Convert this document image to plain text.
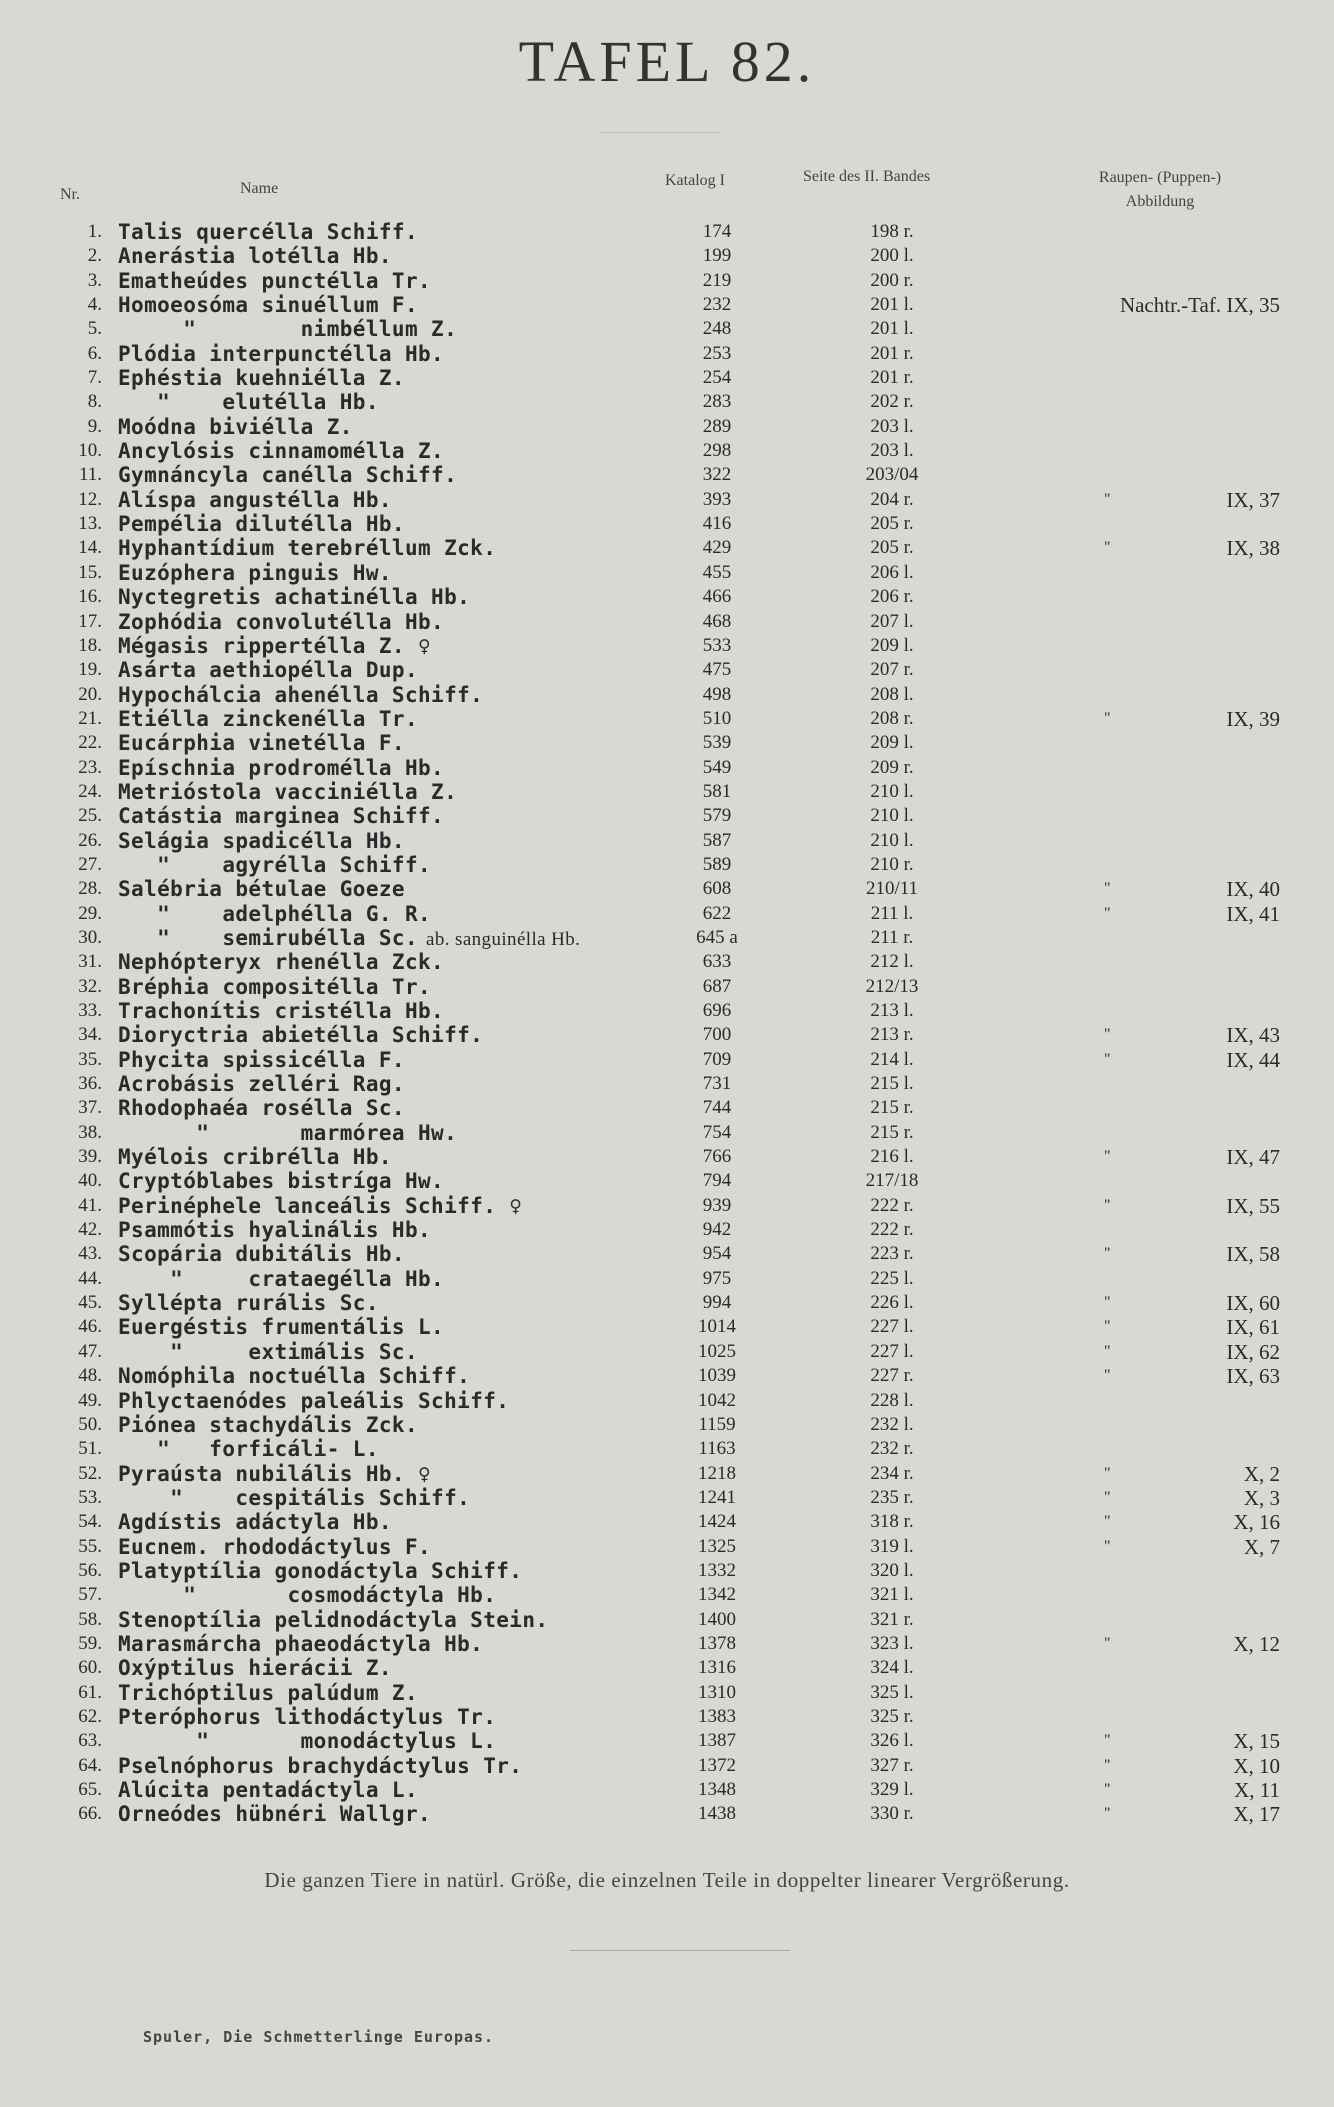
TAFEL 82.
Nr.	Name	Katalog I	Seite des II. Bandes	Raupen- (Puppen-)
Abbildung
1. Talis quercélla Schiff.	174	198 r.
2. Anerástia lotélla Hb.	199	200 l.
3. Ematheúdes punctélla Tr.	219	200 r.
4. Homoeosóma sinuéllum F.	232	201 l.	Nachtr.-Taf. IX, 35
5. "        nimbéllum Z.	248	201 l.
6. Plódia interpunctélla Hb.	253	201 r.
7. Ephéstia kuehniélla Z.	254	201 r.
8. "    elutélla Hb.	283	202 r.
9. Moódna biviélla Z.	289	203 l.
10. Ancylósis cinnamomélla Z.	298	203 l.
11. Gymnáncyla canélla Schiff.	322	203/04
12. Alíspa angustélla Hb.	393	204 r.	"	IX, 37
13. Pempélia dilutélla Hb.	416	205 r.
14. Hyphantídium terebréllum Zck.	429	205 r.	"	IX, 38
15. Euzóphera pinguis Hw.	455	206 l.
16. Nyctegretis achatinélla Hb.	466	206 r.
17. Zophódia convolutélla Hb.	468	207 l.
18. Mégasis rippertélla Z. ♀	533	209 l.
19. Asárta aethiopélla Dup.	475	207 r.
20. Hypochálcia ahenélla Schiff.	498	208 l.
21. Etiélla zinckenélla Tr.	510	208 r.	"	IX, 39
22. Eucárphia vinetélla F.	539	209 l.
23. Epíschnia prodromélla Hb.	549	209 r.
24. Metrióstola vacciniélla Z.	581	210 l.
25. Catástia marginea Schiff.	579	210 l.
26. Selágia spadicélla Hb.	587	210 l.
27. "    agyrélla Schiff.	589	210 r.
28. Salébria bétulae Goeze	608	210/11	"	IX, 40
29. "    adelphélla G. R.	622	211 l.	"	IX, 41
30. "    semirubélla Sc. ab. sanguinélla Hb.	645 a	211 r.
31. Nephópteryx rhenélla Zck.	633	212 l.
32. Bréphia compositélla Tr.	687	212/13
33. Trachonítis cristélla Hb.	696	213 l.
34. Dioryctria abietélla Schiff.	700	213 r.	"	IX, 43
35. Phycita spissicélla F.	709	214 l.	"	IX, 44
36. Acrobásis zelléri Rag.	731	215 l.
37. Rhodophaéa rosélla Sc.	744	215 r.
38. "       marmórea Hw.	754	215 r.
39. Myélois cribrélla Hb.	766	216 l.	"	IX, 47
40. Cryptóblabes bistríga Hw.	794	217/18
41. Perinéphele lanceális Schiff. ♀	939	222 r.	"	IX, 55
42. Psammótis hyalinális Hb.	942	222 r.
43. Scopária dubitális Hb.	954	223 r.	"	IX, 58
44. "     crataegélla Hb.	975	225 l.
45. Syllépta rurális Sc.	994	226 l.	"	IX, 60
46. Euergéstis frumentális L.	1014	227 l.	"	IX, 61
47. "     extimális Sc.	1025	227 l.	"	IX, 62
48. Nomóphila noctuélla Schiff.	1039	227 r.	"	IX, 63
49. Phlyctaenódes paleális Schiff.	1042	228 l.
50. Piónea stachydális Zck.	1159	232 l.
51. "   forficáli- L.	1163	232 r.
52. Pyraústa nubilális Hb. ♀	1218	234 r.	"	X, 2
53. "    cespitális Schiff.	1241	235 r.	"	X, 3
54. Agdístis adáctyla Hb.	1424	318 r.	"	X, 16
55. Eucnem. rhododáctylus F.	1325	319 l.	"	X, 7
56. Platyptília gonodáctyla Schiff.	1332	320 l.
57. "       cosmodáctyla Hb.	1342	321 l.
58. Stenoptília pelidnodáctyla Stein.	1400	321 r.
59. Marasmárcha phaeodáctyla Hb.	1378	323 l.	"	X, 12
60. Oxýptilus hierácii Z.	1316	324 l.
61. Trichóptilus palúdum Z.	1310	325 l.
62. Pteróphorus lithodáctylus Tr.	1383	325 r.
63. "       monodáctylus L.	1387	326 l.	"	X, 15
64. Pselnóphorus brachydáctylus Tr.	1372	327 r.	"	X, 10
65. Alúcita pentadáctyla L.	1348	329 l.	"	X, 11
66. Orneódes hübnéri Wallgr.	1438	330 r.	"	X, 17
Die ganzen Tiere in natürl. Größe, die einzelnen Teile in doppelter linearer Vergrößerung.
Spuler, Die Schmetterlinge Europas.
